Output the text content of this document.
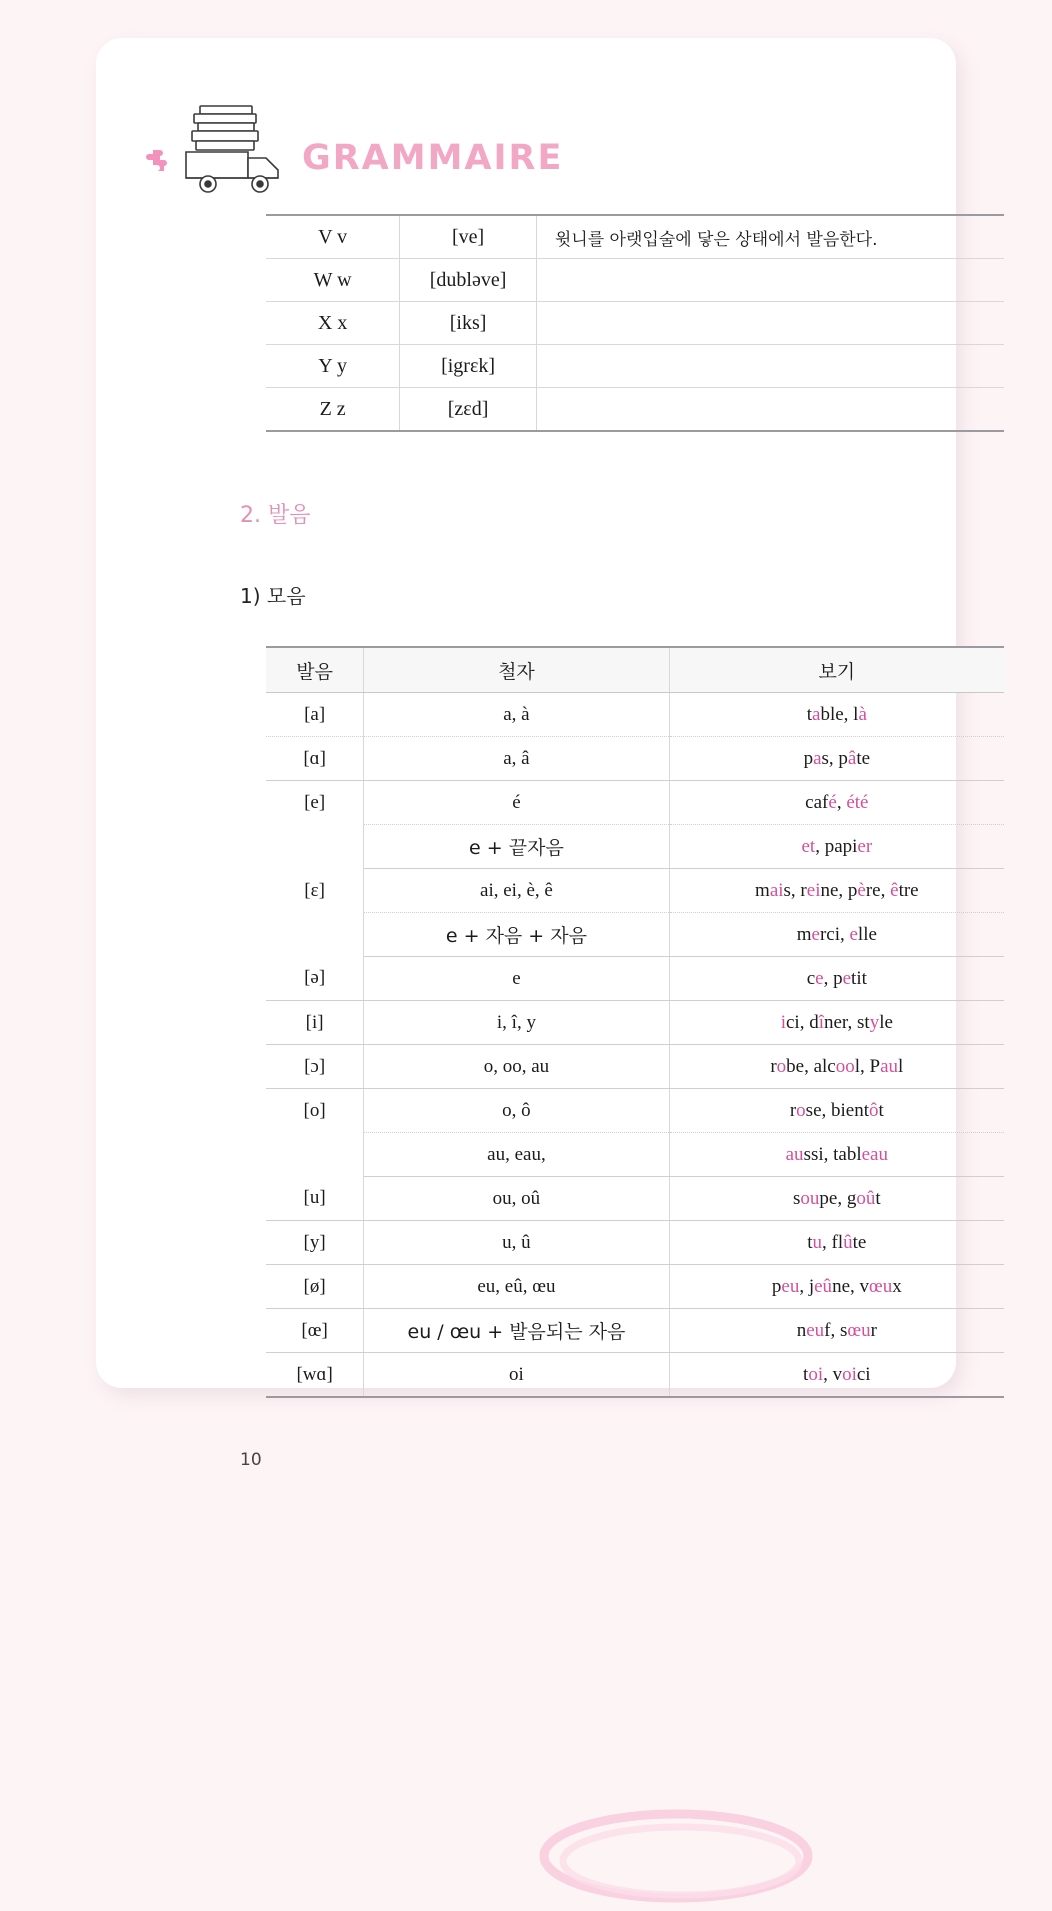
GRAMMAIRE
V v	[ve]	윗니를 아랫입술에 닿은 상태에서 발음한다.
W w	[dubləve]	
X x	[iks]	
Y y	[igrɛk]	
Z z	[zɛd]	
2. 발음
1) 모음
발음	철자	보기
[a]	a, à	table, là
[ɑ]	a, â	pas, pâte
[e]	é	café, été
	e + 끝자음	et, papier
[ɛ]	ai, ei, è, ê	mais, reine, père, être
	e + 자음 + 자음	merci, elle
[ə]	e	ce, petit
[i]	i, î, y	ici, dîner, style
[ɔ]	o, oo, au	robe, alcool, Paul
[o]	o, ô	rose, bientôt
	au, eau,	aussi, tableau
[u]	ou, oû	soupe, goût
[y]	u, û	tu, flûte
[ø]	eu, eû, œu	peu, jeûne, vœux
[œ]	eu / œu + 발음되는 자음	neuf, sœur
[wɑ]	oi	toi, voici
10
